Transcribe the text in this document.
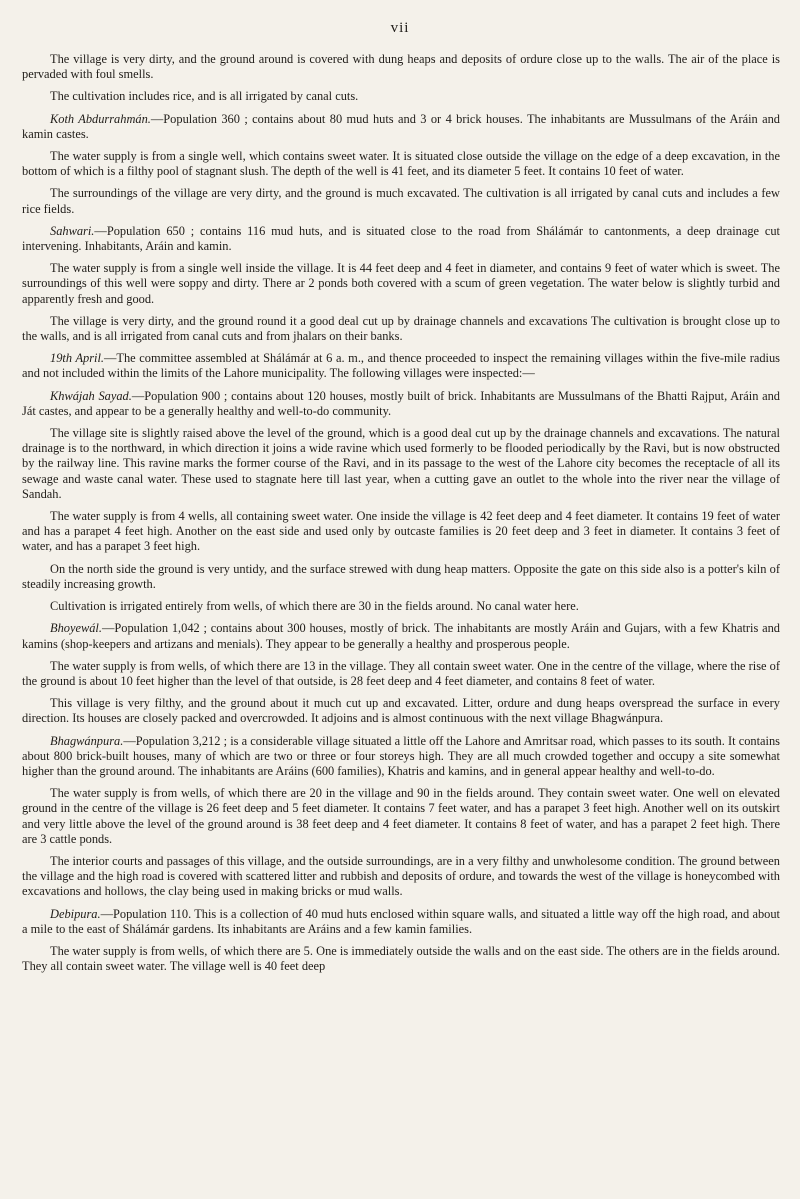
vii

The village is very dirty, and the ground around is covered with dung heaps and deposits of ordure close up to the walls. The air of the place is pervaded with foul smells.

The cultivation includes rice, and is all irrigated by canal cuts.

Koth Abdurrahmán.—Population 360 ; contains about 80 mud huts and 3 or 4 brick houses. The inhabitants are Mussulmans of the Aráin and kamin castes.

The water supply is from a single well, which contains sweet water. It is situated close outside the village on the edge of a deep excavation, in the bottom of which is a filthy pool of stagnant slush. The depth of the well is 41 feet, and its diameter 5 feet. It contains 10 feet of water.

The surroundings of the village are very dirty, and the ground is much excavated. The cultivation is all irrigated by canal cuts and includes a few rice fields.

Sahwari.—Population 650 ; contains 116 mud huts, and is situated close to the road from Shálámár to cantonments, a deep drainage cut intervening. Inhabitants, Aráin and kamin.

The water supply is from a single well inside the village. It is 44 feet deep and 4 feet in diameter, and contains 9 feet of water which is sweet. The surroundings of this well were soppy and dirty. There ar 2 ponds both covered with a scum of green vegetation. The water below is slightly turbid and apparently fresh and good.

The village is very dirty, and the ground round it a good deal cut up by drainage channels and excavations The cultivation is brought close up to the walls, and is all irrigated from canal cuts and from jhalars on their banks.

19th April.—The committee assembled at Shálámár at 6 a. m., and thence proceeded to inspect the remaining villages within the five-mile radius and not included within the limits of the Lahore municipality. The following villages were inspected:—

Khwájah Sayad.—Population 900 ; contains about 120 houses, mostly built of brick. Inhabitants are Mussulmans of the Bhatti Rajput, Aráin and Ját castes, and appear to be a generally healthy and well-to-do community.

The village site is slightly raised above the level of the ground, which is a good deal cut up by the drainage channels and excavations. The natural drainage is to the northward, in which direction it joins a wide ravine which used formerly to be flooded periodically by the Ravi, but is now obstructed by the railway line. This ravine marks the former course of the Ravi, and in its passage to the west of the Lahore city becomes the receptacle of all its sewage and waste canal water. These used to stagnate here till last year, when a cutting gave an outlet to the whole into the river near the village of Sandah.

The water supply is from 4 wells, all containing sweet water. One inside the village is 42 feet deep and 4 feet diameter. It contains 19 feet of water and has a parapet 4 feet high. Another on the east side and used only by outcaste families is 20 feet deep and 3 feet in diameter. It contains 3 feet of water, and has a parapet 3 feet high.

On the north side the ground is very untidy, and the surface strewed with dung heap matters. Opposite the gate on this side also is a potter's kiln of steadily increasing growth.

Cultivation is irrigated entirely from wells, of which there are 30 in the fields around. No canal water here.

Bhoyewál.—Population 1,042 ; contains about 300 houses, mostly of brick. The inhabitants are mostly Aráin and Gujars, with a few Khatris and kamins (shop-keepers and artizans and menials). They appear to be generally a healthy and prosperous people.

The water supply is from wells, of which there are 13 in the village. They all contain sweet water. One in the centre of the village, where the rise of the ground is about 10 feet higher than the level of that outside, is 28 feet deep and 4 feet diameter, and contains 8 feet of water.

This village is very filthy, and the ground about it much cut up and excavated. Litter, ordure and dung heaps overspread the surface in every direction. Its houses are closely packed and overcrowded. It adjoins and is almost continuous with the next village Bhagwánpura.

Bhagwánpura.—Population 3,212 ; is a considerable village situated a little off the Lahore and Amritsar road, which passes to its south. It contains about 800 brick-built houses, many of which are two or three or four storeys high. They are all much crowded together and occupy a site somewhat higher than the ground around. The inhabitants are Aráins (600 families), Khatris and kamins, and in general appear healthy and well-to-do.

The water supply is from wells, of which there are 20 in the village and 90 in the fields around. They contain sweet water. One well on elevated ground in the centre of the village is 26 feet deep and 5 feet diameter. It contains 7 feet water, and has a parapet 3 feet high. Another well on its outskirt and very little above the level of the ground around is 38 feet deep and 4 feet diameter. It contains 8 feet of water, and has a parapet 2 feet high. There are 3 cattle ponds.

The interior courts and passages of this village, and the outside surroundings, are in a very filthy and unwholesome condition. The ground between the village and the high road is covered with scattered litter and rubbish and deposits of ordure, and towards the west of the village is honeycombed with excavations and hollows, the clay being used in making bricks or mud walls.

Debipura.—Population 110. This is a collection of 40 mud huts enclosed within square walls, and situated a little way off the high road, and about a mile to the east of Shálámár gardens. Its inhabitants are Aráins and a few kamin families.

The water supply is from wells, of which there are 5. One is immediately outside the walls and on the east side. The others are in the fields around. They all contain sweet water. The village well is 40 feet deep
